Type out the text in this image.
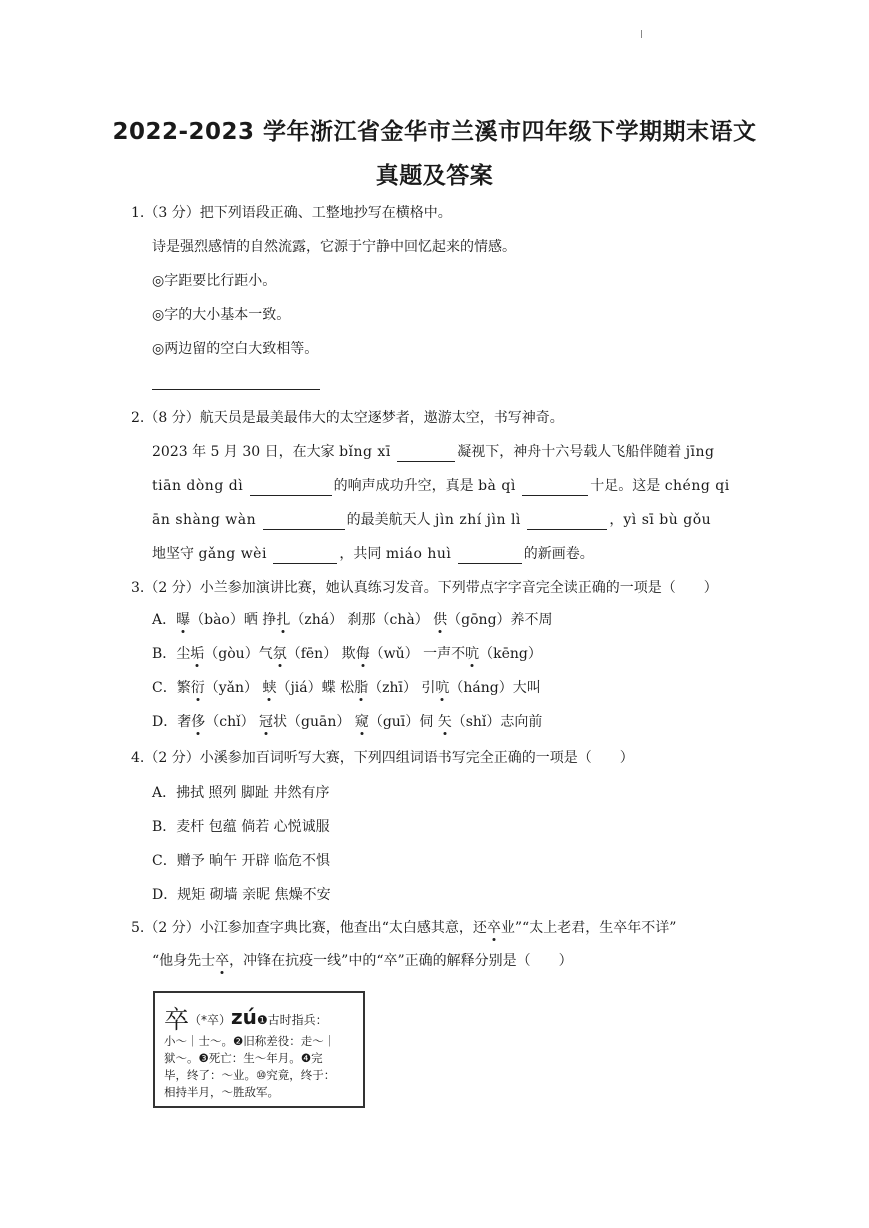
2022-2023 学年浙江省金华市兰溪市四年级下学期期末语文
真题及答案
1.（3 分）把下列语段正确、工整地抄写在横格中。
诗是强烈感情的自然流露，它源于宁静中回忆起来的情感。
◎字距要比行距小。
◎字的大小基本一致。
◎两边留的空白大致相等。
2.（8 分）航天员是最美最伟大的太空逐梦者，遨游太空，书写神奇。
2023 年 5 月 30 日，在大家 bǐng xī	凝视下，神舟十六号载人飞船伴随着 jīng
tiān dòng dì	的响声成功升空，真是 bà qì	十足。这是 chéng qi
ān shàng wàn	的最美航天人 jìn zhí jìn lì	，yì sī bù gǒu
地坚守 gǎng wèi	，共同 miáo huì	的新画卷。
3.（2 分）小兰参加演讲比赛，她认真练习发音。下列带点字字音完全读正确的一项是（　　）
A．曝（bào）晒 挣扎（zhá） 刹那（chà） 供（gōng）养不周
B．尘垢（gòu）气氛（fēn） 欺侮（wǔ） 一声不吭（kēng）
C．繁衍（yǎn） 蛱（jiá）蝶 松脂（zhī） 引吭（háng）大叫
D．奢侈（chǐ） 冠状（guān） 窥（guī）伺 矢（shǐ）志向前
4.（2 分）小溪参加百词听写大赛，下列四组词语书写完全正确的一项是（　　）
A．拂拭 照列 脚趾 井然有序
B．麦杆 包蕴 倘若 心悦诚服
C．赠予 晌午 开辟 临危不惧
D．规矩 砌墙 亲昵 焦燥不安
5.（2 分）小江参加查字典比赛，他查出“太白感其意，还卒业”“太上老君，生卒年不详”
“他身先士卒，冲锋在抗疫一线”中的“卒”正确的解释分别是（　　）
卒（*卒）zú❶古时指兵：
小～｜士～。❷旧称差役：走～｜
狱～。❸死亡：生～年月。❹完
毕，终了：～业。⑩究竟，终于：
相持半月，～胜敌军。
